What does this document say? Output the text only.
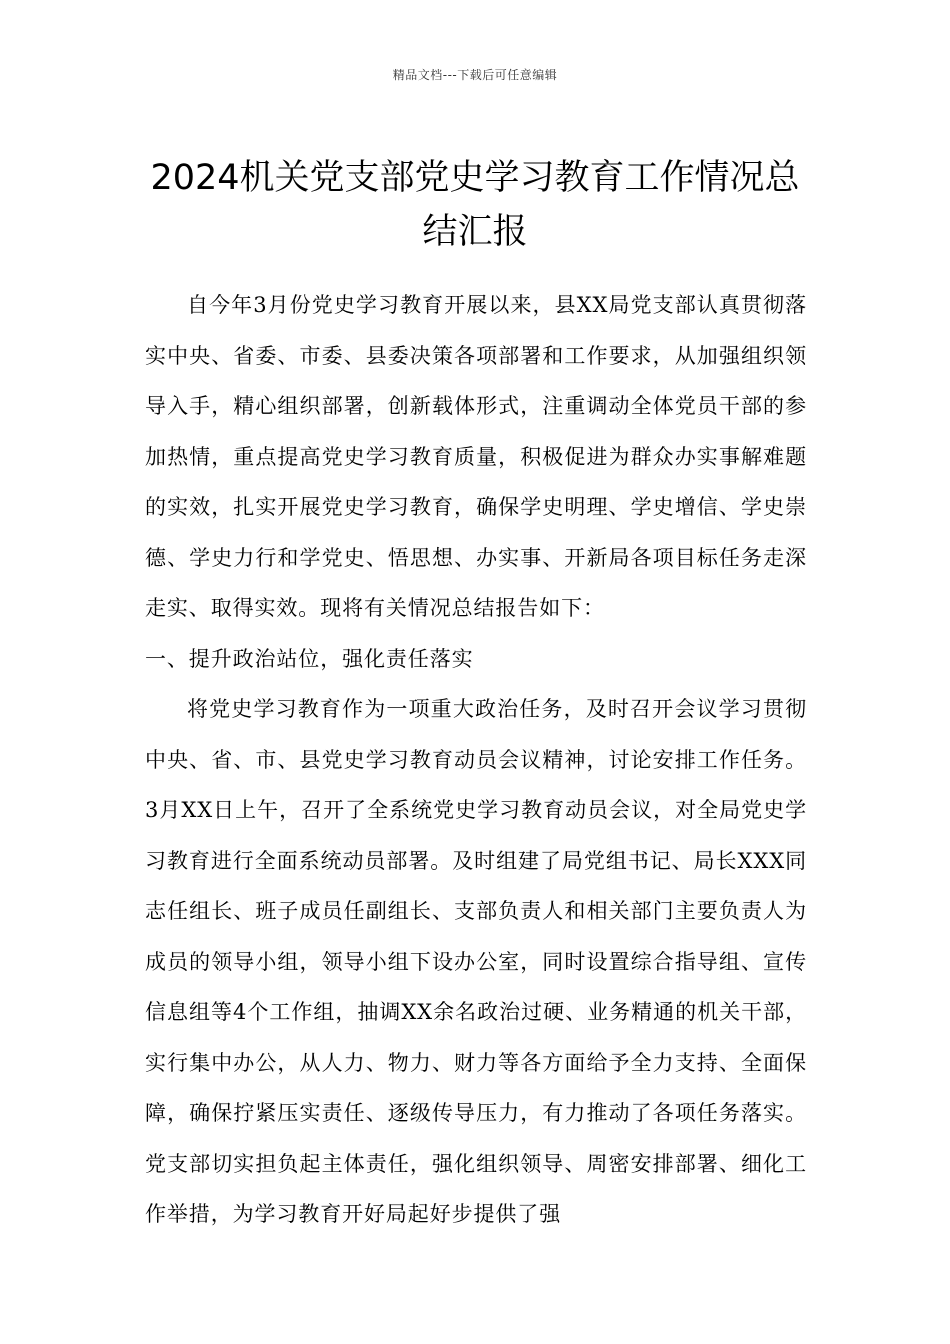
精品文档---下载后可任意编辑
2024机关党支部党史学习教育工作情况总结汇报

自今年3月份党史学习教育开展以来，县XX局党支部认真贯彻落实中央、省委、市委、县委决策各项部署和工作要求，从加强组织领导入手，精心组织部署，创新载体形式，注重调动全体党员干部的参加热情，重点提高党史学习教育质量，积极促进为群众办实事解难题的实效，扎实开展党史学习教育，确保学史明理、学史增信、学史崇德、学史力行和学党史、悟思想、办实事、开新局各项目标任务走深走实、取得实效。现将有关情况总结报告如下：

一、提升政治站位，强化责任落实

将党史学习教育作为一项重大政治任务，及时召开会议学习贯彻中央、省、市、县党史学习教育动员会议精神，讨论安排工作任务。3月XX日上午，召开了全系统党史学习教育动员会议，对全局党史学习教育进行全面系统动员部署。及时组建了局党组书记、局长XXX同志任组长、班子成员任副组长、支部负责人和相关部门主要负责人为成员的领导小组，领导小组下设办公室，同时设置综合指导组、宣传信息组等4个工作组，抽调XX余名政治过硬、业务精通的机关干部，实行集中办公，从人力、物力、财力等各方面给予全力支持、全面保障，确保拧紧压实责任、逐级传导压力，有力推动了各项任务落实。党支部切实担负起主体责任，强化组织领导、周密安排部署、细化工作举措，为学习教育开好局起好步提供了强
